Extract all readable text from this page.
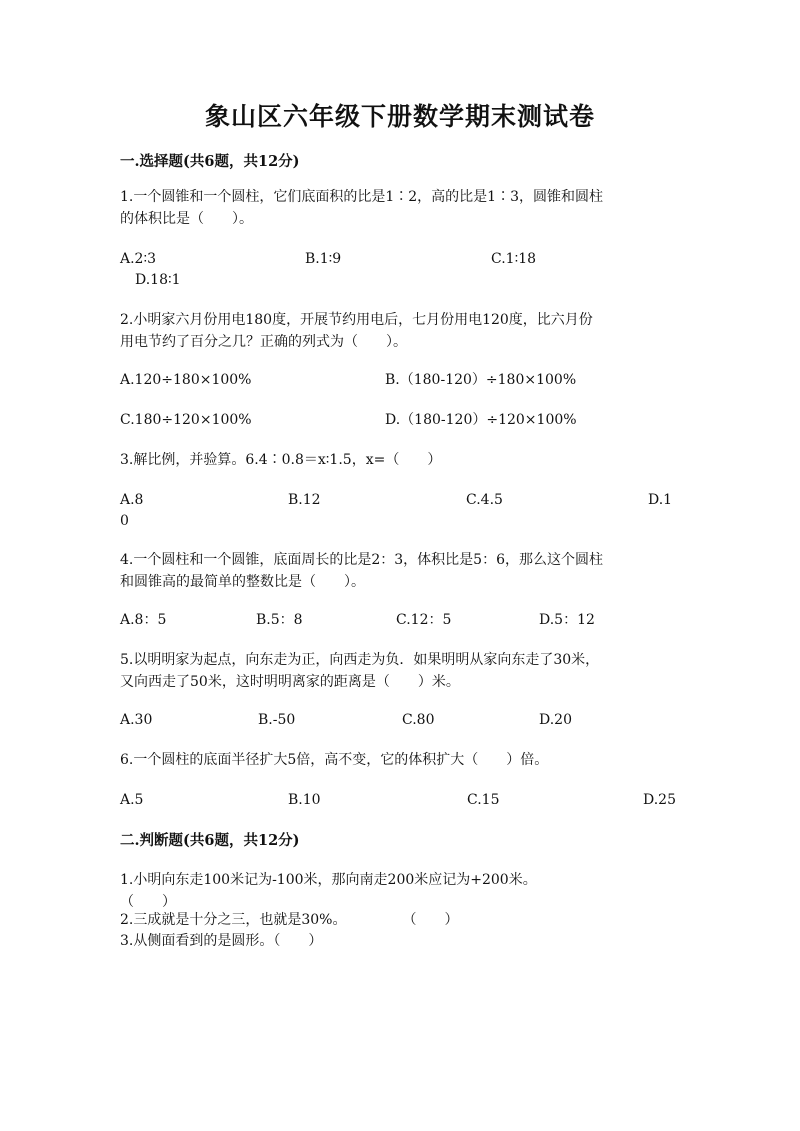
象山区六年级下册数学期末测试卷
一.选择题(共6题，共12分)
1.一个圆锥和一个圆柱，它们底面积的比是1∶2，高的比是1∶3，圆锥和圆柱
的体积比是（　　）。
A.2∶3	B.1∶9	C.1∶18
D.18∶1
2.小明家六月份用电180度，开展节约用电后，七月份用电120度，比六月份
用电节约了百分之几？正确的列式为（　　）。
A.120÷180×100%	B.（180-120）÷180×100%
C.180÷120×100%	D.（180-120）÷120×100%
3.解比例，并验算。6.4∶0.8＝x∶1.5，x=（　　）
A.8	B.12	C.4.5	D.1
0
4.一个圆柱和一个圆锥，底面周长的比是2：3，体积比是5：6，那么这个圆柱
和圆锥高的最简单的整数比是（　　）。
A.8：5	B.5：8	C.12：5	D.5：12
5.以明明家为起点，向东走为正，向西走为负．如果明明从家向东走了30米，
又向西走了50米，这时明明离家的距离是（　　）米。
A.30	B.-50	C.80	D.20
6.一个圆柱的底面半径扩大5倍，高不变，它的体积扩大（　　）倍。
A.5	B.10	C.15	D.25
二.判断题(共6题，共12分)
1.小明向东走100米记为-100米，那向南走200米应记为+200米。
（　　）
2.三成就是十分之三，也就是30%。　　　　　（　　）
3.从侧面看到的是圆形。（　　）
